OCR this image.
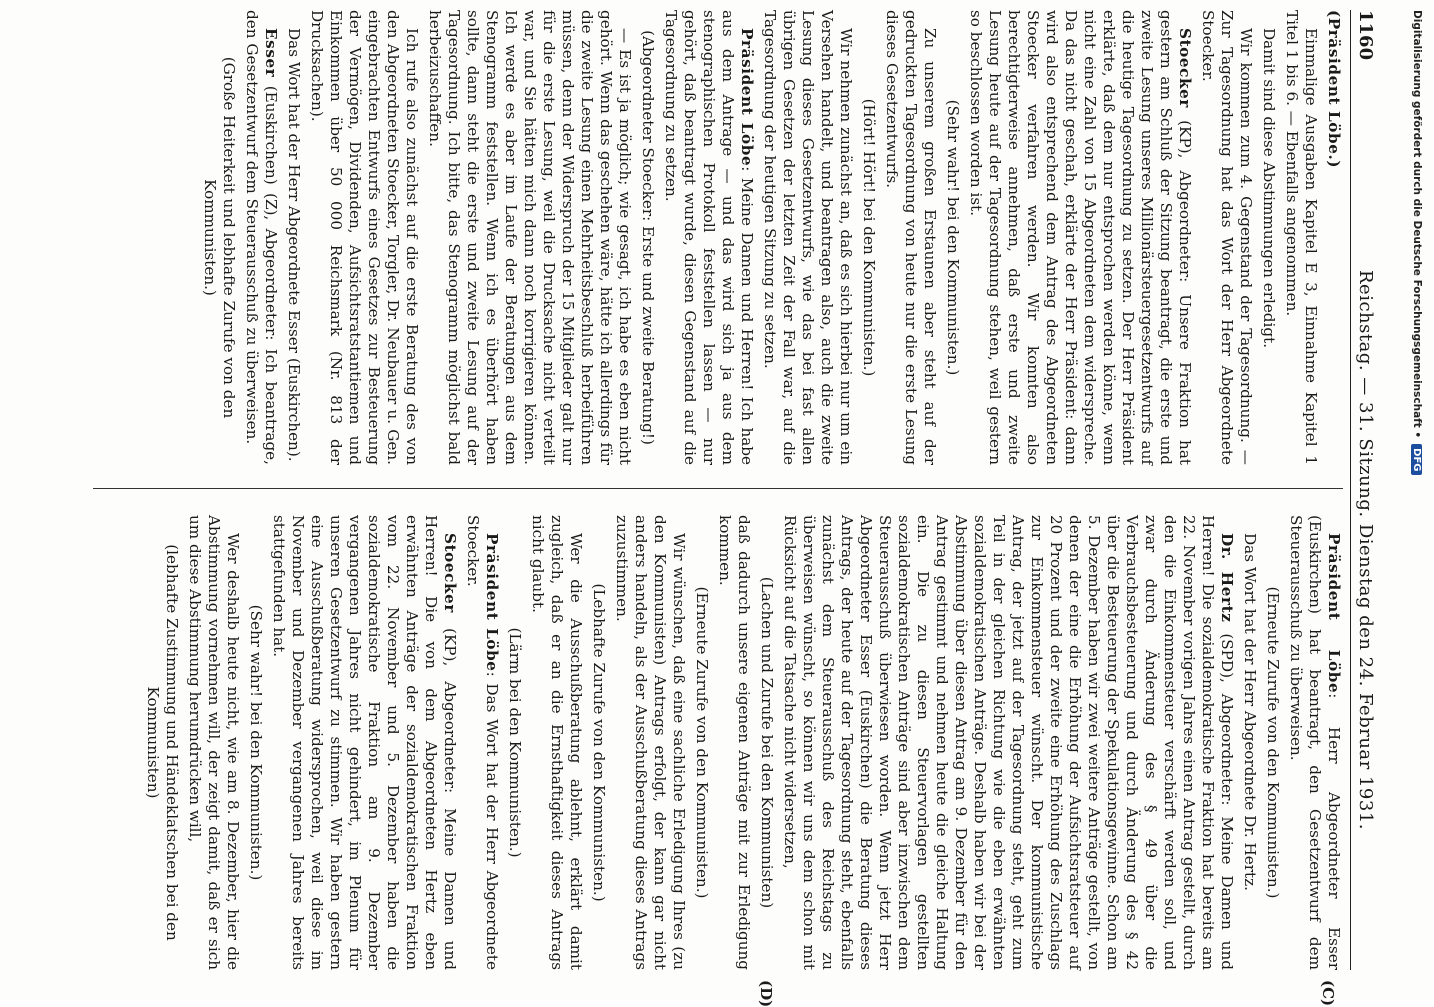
1160
Reichstag. — 31. Sitzung. Dienstag den 24. Februar 1931.
(C)
(D)

(Präsident Löbe.)

Einmalige Ausgaben Kapitel E 3, Einnahme Kapitel 1 Titel 1 bis 6. — Ebenfalls angenommen.

Damit sind diese Abstimmungen erledigt.

Wir kommen zum 4. Gegenstand der Tagesordnung. — Zur Tagesordnung hat das Wort der Herr Abgeordnete Stoecker.

Stoecker (KP), Abgeordneter: Unsere Fraktion hat gestern am Schluß der Sitzung beantragt, die erste und zweite Lesung unseres Millionärsteuergesetzentwurfs auf die heutige Tagesordnung zu setzen. Der Herr Präsident erklärte, daß dem nur entsprochen werden könne, wenn nicht eine Zahl von 15 Abgeordneten dem widerspreche. Da das nicht geschah, erklärte der Herr Präsident: dann wird also entsprechend dem Antrag des Abgeordneten Stoecker verfahren werden. Wir konnten also berechtigterweise annehmen, daß erste und zweite Lesung heute auf der Tagesordnung stehen, weil gestern so beschlossen worden ist.

(Sehr wahr! bei den Kommunisten.)

Zu unserem großen Erstaunen aber steht auf der gedruckten Tagesordnung von heute nur die erste Lesung dieses Gesetzentwurfs.

(Hört! Hört! bei den Kommunisten.)

Wir nehmen zunächst an, daß es sich hierbei nur um ein Versehen handelt, und beantragen also, auch die zweite Lesung dieses Gesetzentwurfs, wie das bei fast allen übrigen Gesetzen der letzten Zeit der Fall war, auf die Tagesordnung der heutigen Sitzung zu setzen.

Präsident Löbe: Meine Damen und Herren! Ich habe aus dem Antrage — und das wird sich ja aus dem stenographischen Protokoll feststellen lassen — nur gehört, daß beantragt wurde, diesen Gegenstand auf die Tagesordnung zu setzen.

(Abgeordneter Stoecker: Erste und zweite Beratung!)

— Es ist ja möglich; wie gesagt, ich habe es eben nicht gehört. Wenn das geschehen wäre, hätte ich allerdings für die zweite Lesung einen Mehrheitsbeschluß herbeiführen müssen, denn der Widerspruch der 15 Mitglieder galt nur für die erste Lesung, weil die Drucksache nicht verteilt war, und Sie hätten mich dann noch korrigieren können. Ich werde es aber im Laufe der Beratungen aus dem Stenogramm feststellen. Wenn ich es überhört haben sollte, dann steht die erste und zweite Lesung auf der Tagesordnung. Ich bitte, das Stenogramm möglichst bald herbeizuschaffen.

Ich rufe also zunächst auf die erste Beratung des von den Abgeordneten Stoecker, Torgler, Dr. Neubauer u. Gen. eingebrachten Entwurfs eines Gesetzes zur Besteuerung der Vermögen, Dividenden, Aufsichtsratstantiemen und Einkommen über 50 000 Reichsmark (Nr. 813 der Drucksachen).

Das Wort hat der Herr Abgeordnete Esser (Euskirchen).

Esser (Euskirchen) (Z), Abgeordneter: Ich beantrage, den Gesetzentwurf dem Steuerausschuß zu überweisen.

(Große Heiterkeit und lebhafte Zurufe von den Kommunisten.)

Präsident Löbe: Herr Abgeordneter Esser (Euskirchen) hat beantragt, den Gesetzentwurf dem Steuerausschuß zu überweisen.

(Erneute Zurufe von den Kommunisten.)

Das Wort hat der Herr Abgeordnete Dr. Hertz.

Dr. Hertz (SPD), Abgeordneter: Meine Damen und Herren! Die sozialdemokratische Fraktion hat bereits am 22. November vorigen Jahres einen Antrag gestellt, durch den die Einkommensteuer verschärft werden soll, und zwar durch Änderung des § 49 über die Verbrauchsbesteuerung und durch Änderung des § 42 über die Besteuerung der Spekulationsgewinne. Schon am 5. Dezember haben wir zwei weitere Anträge gestellt, von denen der eine die Erhöhung der Aufsichtsratsteuer auf 20 Prozent und der zweite eine Erhöhung des Zuschlags zur Einkommensteuer wünscht. Der kommunistische Antrag, der jetzt auf der Tagesordnung steht, geht zum Teil in der gleichen Richtung wie die eben erwähnten sozialdemokratischen Anträge. Deshalb haben wir bei der Abstimmung über diesen Antrag am 9. Dezember für den Antrag gestimmt und nehmen heute die gleiche Haltung ein. Die zu diesen Steuervorlagen gestellten sozialdemokratischen Anträge sind aber inzwischen dem Steuerausschuß überwiesen worden. Wenn jetzt Herr Abgeordneter Esser (Euskirchen) die Beratung dieses Antrags, der heute auf der Tagesordnung steht, ebenfalls zunächst dem Steuerausschuß des Reichstags zu überweisen wünscht, so können wir uns dem schon mit Rücksicht auf die Tatsache nicht widersetzen,

(Lachen und Zurufe bei den Kommunisten)

daß dadurch unsere eigenen Anträge mit zur Erledigung kommen.

(Erneute Zurufe von den Kommunisten.)

Wir wünschen, daß eine sachliche Erledigung Ihres (zu den Kommunisten) Antrags erfolgt, der kann gar nicht anders handeln, als der Ausschußberatung dieses Antrags zuzustimmen.

(Lebhafte Zurufe von den Kommunisten.)

Wer die Ausschußberatung ablehnt, erklärt damit zugleich, daß er an die Ernsthaftigkeit dieses Antrags nicht glaubt.

(Lärm bei den Kommunisten.)

Präsident Löbe: Das Wort hat der Herr Abgeordnete Stoecker.

Stoecker (KP), Abgeordneter: Meine Damen und Herren! Die von dem Abgeordneten Hertz eben erwähnten Anträge der sozialdemokratischen Fraktion vom 22. November und 5. Dezember haben die sozialdemokratische Fraktion am 9. Dezember vergangenen Jahres nicht gehindert, im Plenum für unseren Gesetzentwurf zu stimmen. Wir haben gestern eine Ausschußberatung widersprochen, weil diese im November und Dezember vergangenen Jahres bereits stattgefunden hat.

(Sehr wahr! bei den Kommunisten.)

Wer deshalb heute nicht, wie am 8. Dezember, hier die Abstimmung vornehmen will, der zeigt damit, daß er sich um diese Abstimmung herumdrücken will,

(lebhafte Zustimmung und Händeklatschen bei den Kommunisten)

Digitalisierung gefördert durch die Deutsche Forschungsgemeinschaft •
DFG
